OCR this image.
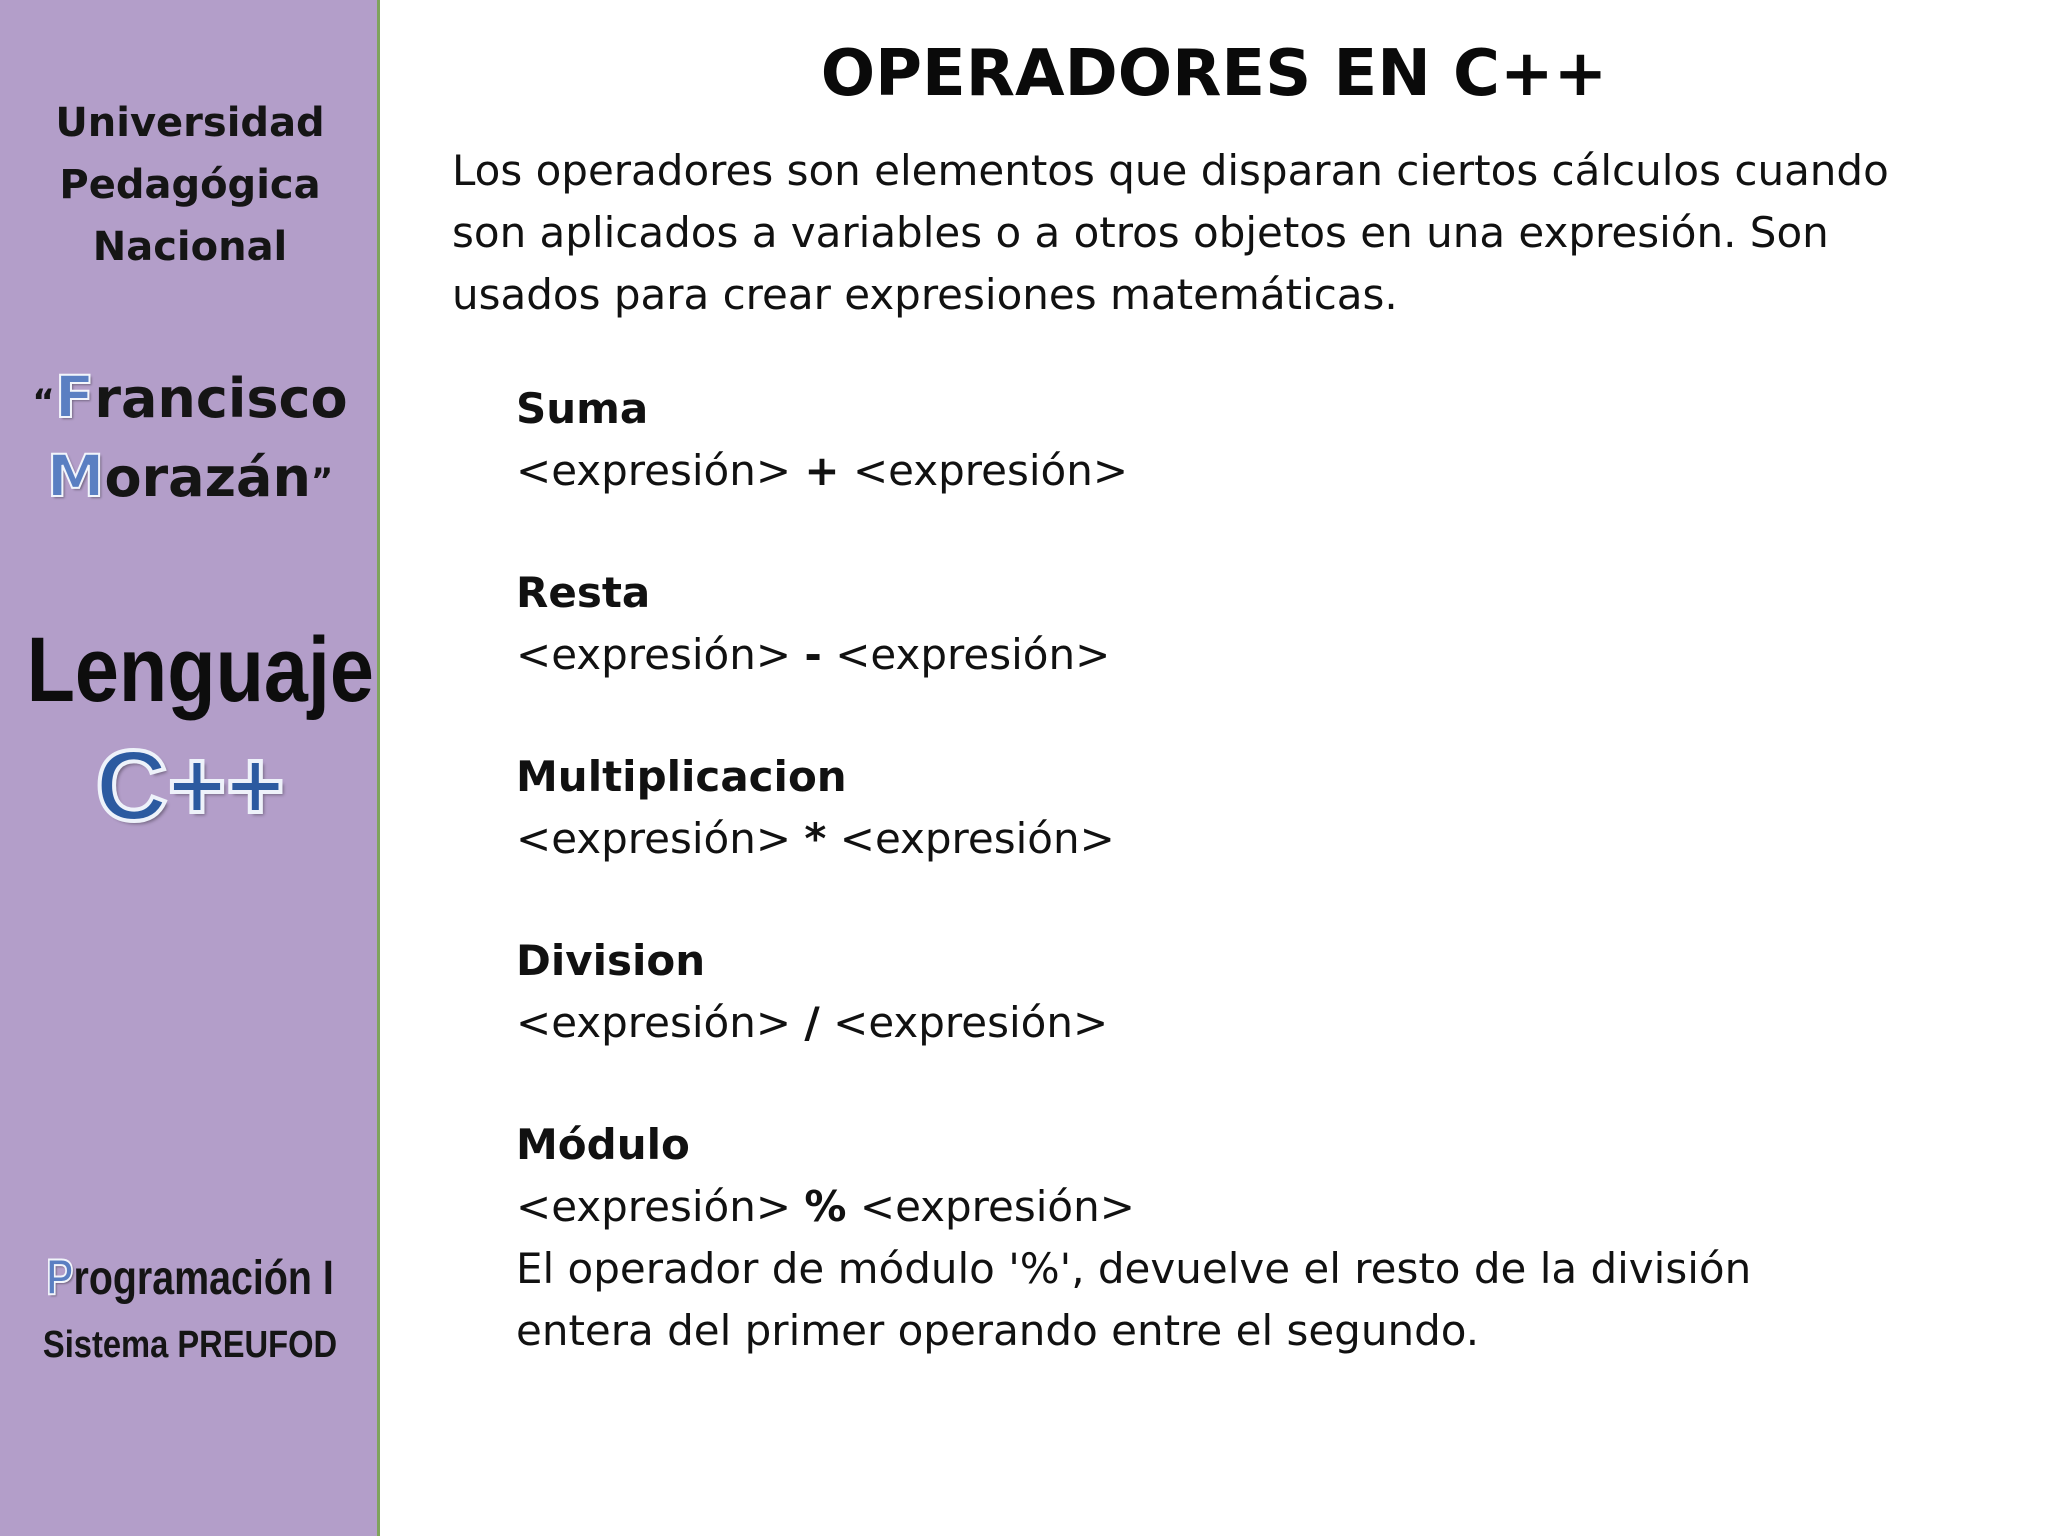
Universidad
Pedagógica
Nacional
“Francisco
Morazán”
Lenguaje
C++
Programación I
Sistema PREUFOD
OPERADORES EN C++
Los operadores son elementos que disparan ciertos cálculos cuando son aplicados a variables o a otros objetos en una expresión. Son usados para crear expresiones matemáticas.
Suma
<expresión> + <expresión>
Resta
<expresión> - <expresión>
Multiplicacion
<expresión> * <expresión>
Division
<expresión> / <expresión>
Módulo
<expresión> % <expresión>
El operador de módulo '%', devuelve el resto de la división entera del primer operando entre el segundo.
